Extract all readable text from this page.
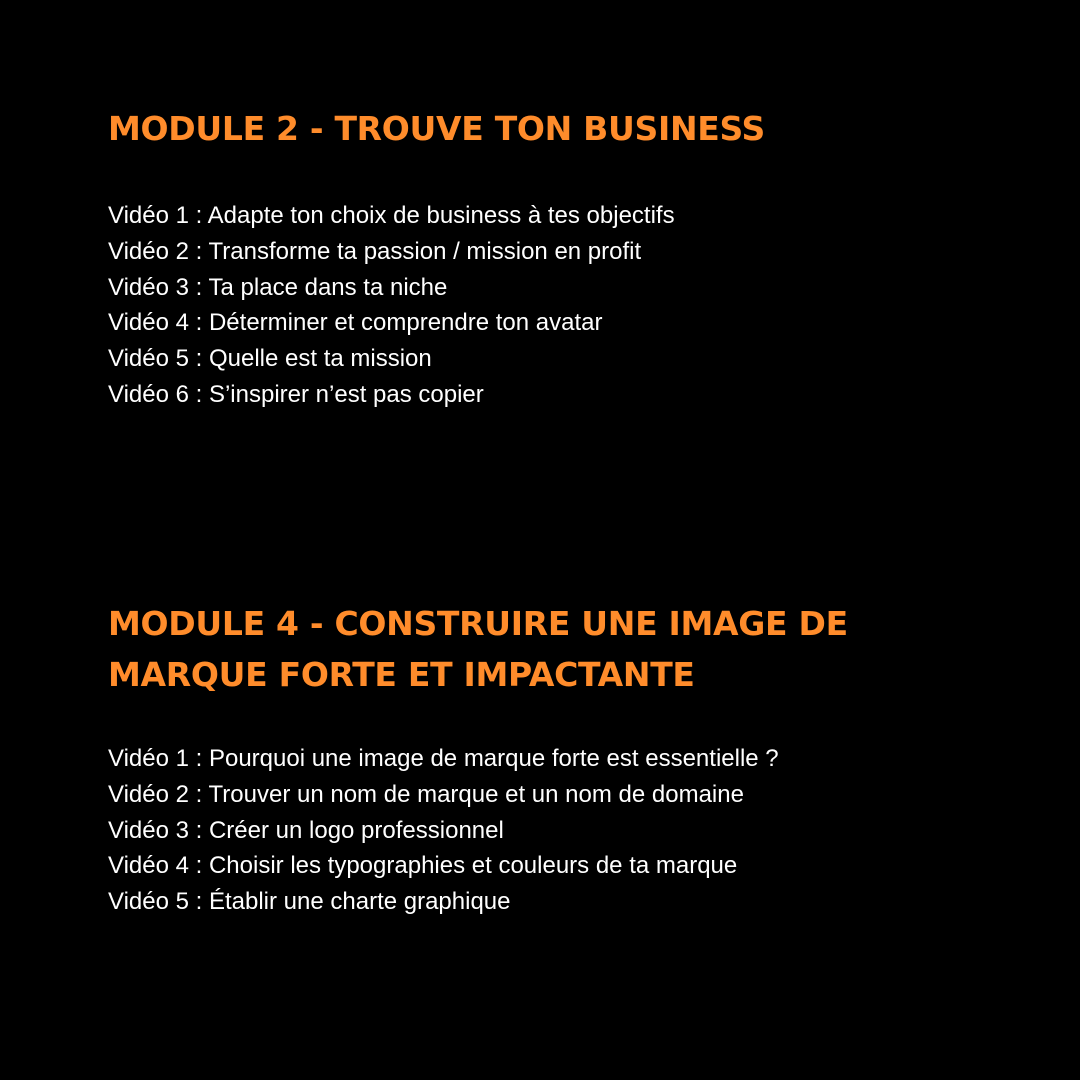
MODULE 2 - TROUVE TON BUSINESS
Vidéo 1 : Adapte ton choix de business à tes objectifs
Vidéo 2 : Transforme ta passion / mission en profit
Vidéo 3 : Ta place dans ta niche
Vidéo 4 : Déterminer et comprendre ton avatar
Vidéo 5 : Quelle est ta mission
Vidéo 6 : S’inspirer n’est pas copier
MODULE 4 - CONSTRUIRE UNE IMAGE DE
MARQUE FORTE ET IMPACTANTE
Vidéo 1 : Pourquoi une image de marque forte est essentielle ?
Vidéo 2 : Trouver un nom de marque et un nom de domaine
Vidéo 3 : Créer un logo professionnel
Vidéo 4 : Choisir les typographies et couleurs de ta marque
Vidéo 5 : Établir une charte graphique
